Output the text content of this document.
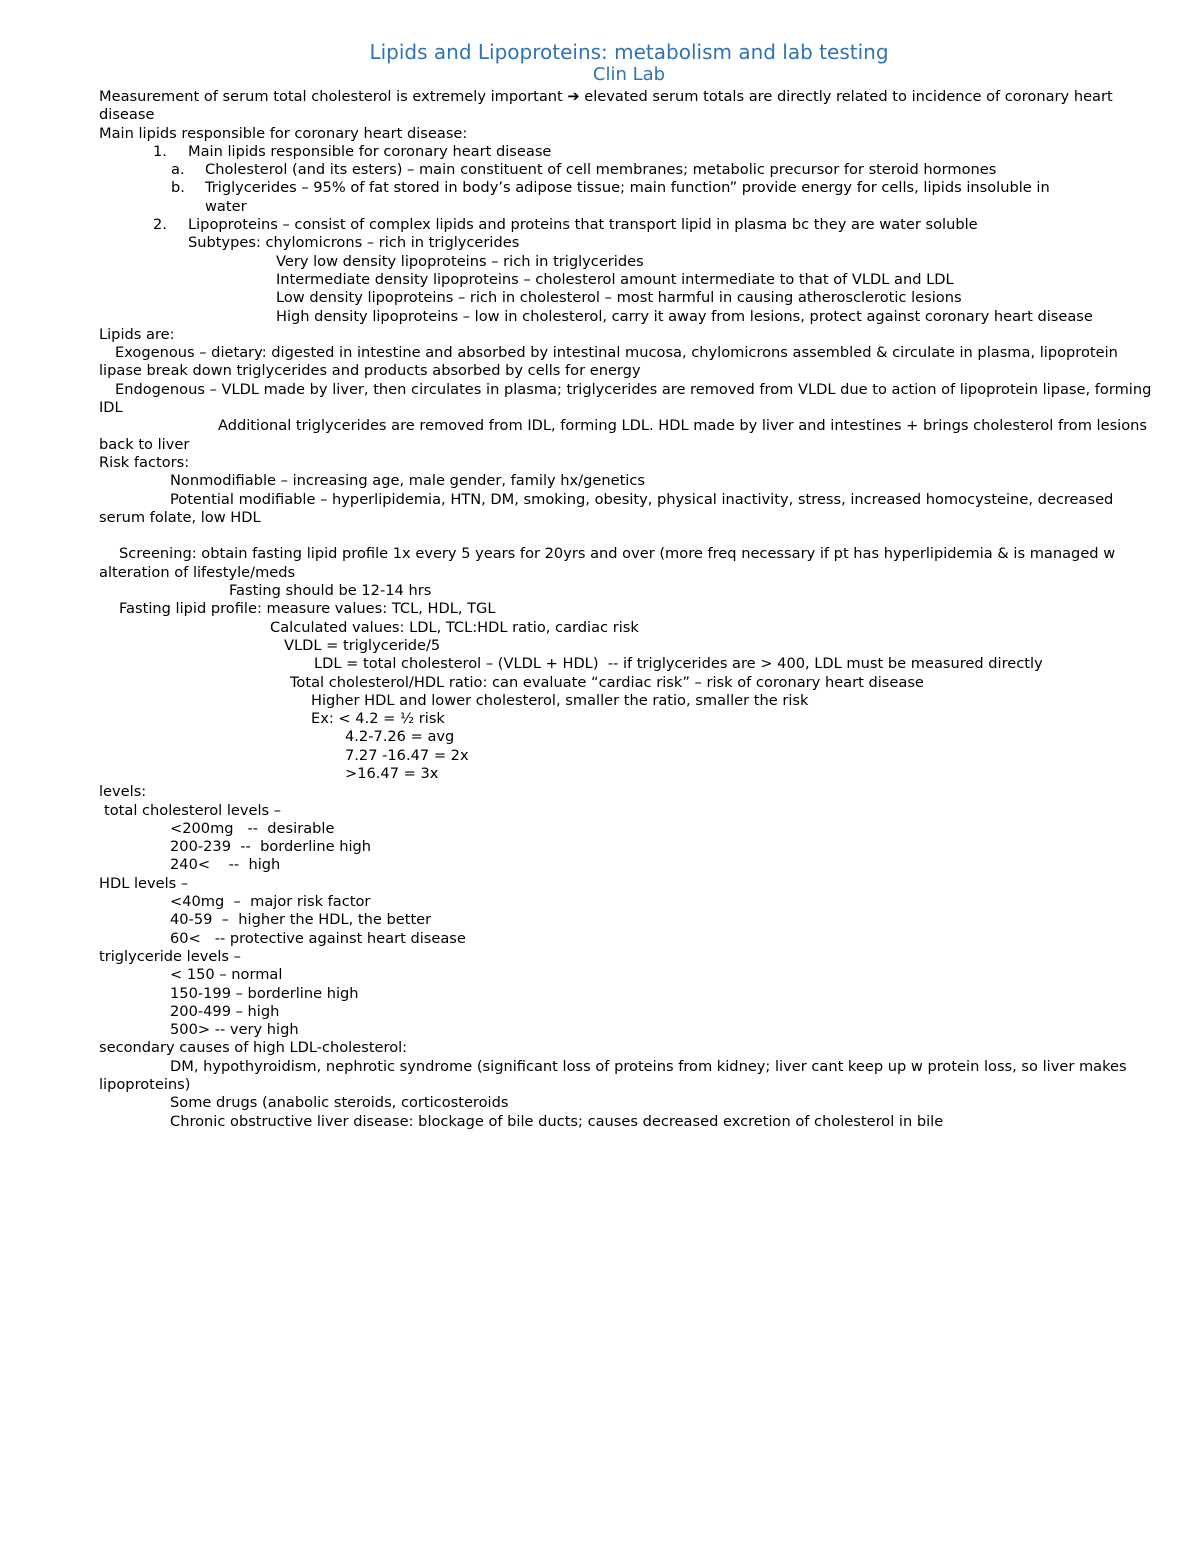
Lipids and Lipoproteins: metabolism and lab testing
Clin Lab
Measurement of serum total cholesterol is extremely important ➔ elevated serum totals are directly related to incidence of coronary heart disease
Main lipids responsible for coronary heart disease:
1. Main lipids responsible for coronary heart disease
a. Cholesterol (and its esters) – main constituent of cell membranes; metabolic precursor for steroid hormones
b. Triglycerides – 95% of fat stored in body’s adipose tissue; main function” provide energy for cells, lipids insoluble in water
2. Lipoproteins – consist of complex lipids and proteins that transport lipid in plasma bc they are water soluble
Subtypes: chylomicrons – rich in triglycerides
Very low density lipoproteins – rich in triglycerides
Intermediate density lipoproteins – cholesterol amount intermediate to that of VLDL and LDL
Low density lipoproteins – rich in cholesterol – most harmful in causing atherosclerotic lesions
High density lipoproteins – low in cholesterol, carry it away from lesions, protect against coronary heart disease
Lipids are:
Exogenous – dietary: digested in intestine and absorbed by intestinal mucosa, chylomicrons assembled & circulate in plasma, lipoprotein lipase break down triglycerides and products absorbed by cells for energy
Endogenous – VLDL made by liver, then circulates in plasma; triglycerides are removed from VLDL due to action of lipoprotein lipase, forming IDL
Additional triglycerides are removed from IDL, forming LDL. HDL made by liver and intestines + brings cholesterol from lesions back to liver
Risk factors:
Nonmodifiable – increasing age, male gender, family hx/genetics
Potential modifiable – hyperlipidemia, HTN, DM, smoking, obesity, physical inactivity, stress, increased homocysteine, decreased serum folate, low HDL
Screening: obtain fasting lipid profile 1x every 5 years for 20yrs and over (more freq necessary if pt has hyperlipidemia & is managed w alteration of lifestyle/meds
Fasting should be 12-14 hrs
Fasting lipid profile: measure values: TCL, HDL, TGL
Calculated values: LDL, TCL:HDL ratio, cardiac risk
VLDL = triglyceride/5
LDL = total cholesterol – (VLDL + HDL)  -- if triglycerides are > 400, LDL must be measured directly
Total cholesterol/HDL ratio: can evaluate “cardiac risk” – risk of coronary heart disease
Higher HDL and lower cholesterol, smaller the ratio, smaller the risk
Ex: < 4.2 = ½ risk
4.2-7.26 = avg
7.27 -16.47 = 2x
>16.47 = 3x
levels:
total cholesterol levels –
<200mg   --  desirable
200-239  --  borderline high
240<    --  high
HDL levels –
<40mg  –  major risk factor
40-59  –  higher the HDL, the better
60<   -- protective against heart disease
triglyceride levels –
< 150 – normal
150-199 – borderline high
200-499 – high
500> -- very high
secondary causes of high LDL-cholesterol:
DM, hypothyroidism, nephrotic syndrome (significant loss of proteins from kidney; liver cant keep up w protein loss, so liver makes lipoproteins)
Some drugs (anabolic steroids, corticosteroids
Chronic obstructive liver disease: blockage of bile ducts; causes decreased excretion of cholesterol in bile
